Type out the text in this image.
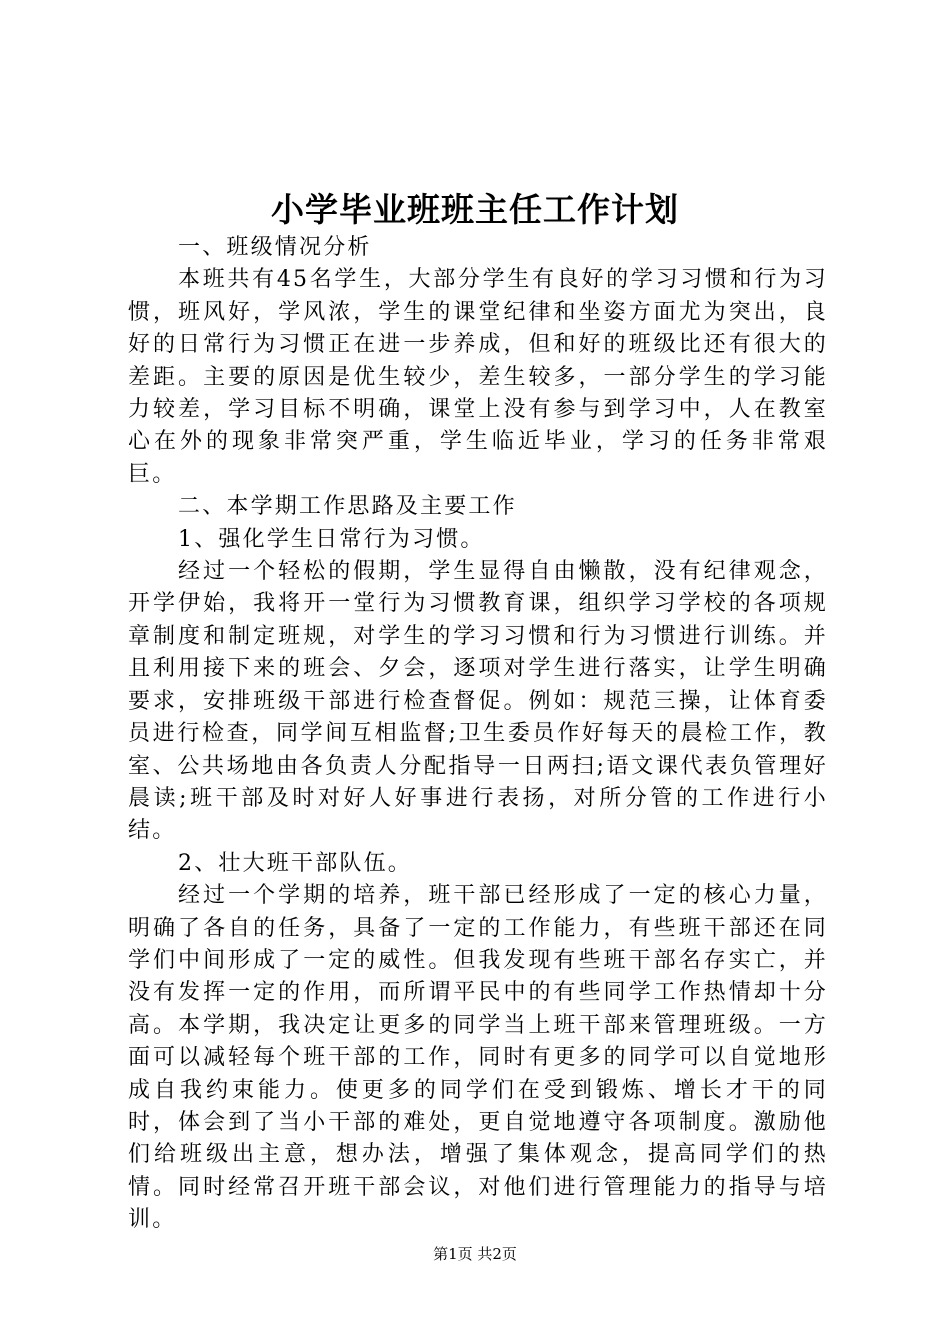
小学毕业班班主任工作计划

一、班级情况分析

本班共有45名学生，大部分学生有良好的学习习惯和行为习惯，班风好，学风浓，学生的课堂纪律和坐姿方面尤为突出，良好的日常行为习惯正在进一步养成，但和好的班级比还有很大的差距。主要的原因是优生较少，差生较多，一部分学生的学习能力较差，学习目标不明确，课堂上没有参与到学习中，人在教室心在外的现象非常突严重，学生临近毕业，学习的任务非常艰巨。

二、本学期工作思路及主要工作

1、强化学生日常行为习惯。

经过一个轻松的假期，学生显得自由懒散，没有纪律观念，开学伊始，我将开一堂行为习惯教育课，组织学习学校的各项规章制度和制定班规，对学生的学习习惯和行为习惯进行训练。并且利用接下来的班会、夕会，逐项对学生进行落实，让学生明确要求，安排班级干部进行检查督促。例如：规范三操，让体育委员进行检查，同学间互相监督;卫生委员作好每天的晨检工作，教室、公共场地由各负责人分配指导一日两扫;语文课代表负管理好晨读;班干部及时对好人好事进行表扬，对所分管的工作进行小结。

2、壮大班干部队伍。

经过一个学期的培养，班干部已经形成了一定的核心力量，明确了各自的任务，具备了一定的工作能力，有些班干部还在同学们中间形成了一定的威性。但我发现有些班干部名存实亡，并没有发挥一定的作用，而所谓平民中的有些同学工作热情却十分高。本学期，我决定让更多的同学当上班干部来管理班级。一方面可以减轻每个班干部的工作，同时有更多的同学可以自觉地形成自我约束能力。使更多的同学们在受到锻炼、增长才干的同时，体会到了当小干部的难处，更自觉地遵守各项制度。激励他们给班级出主意，想办法，增强了集体观念，提高同学们的热情。同时经常召开班干部会议，对他们进行管理能力的指导与培训。

第1页 共2页
